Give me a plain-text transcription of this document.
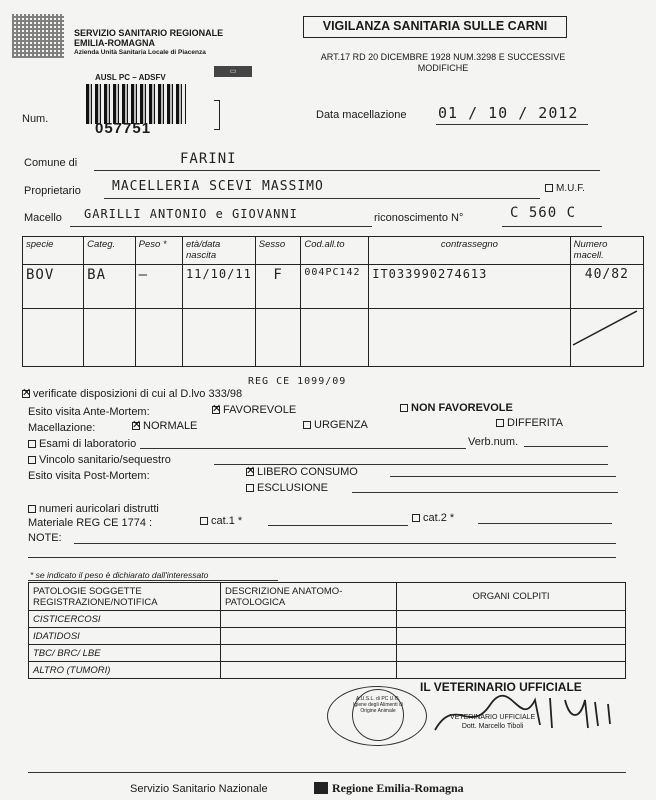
SERVIZIO SANITARIO REGIONALE
EMILIA-ROMAGNA
Azienda Unità Sanitaria Locale di Piacenza
▭
VIGILANZA SANITARIA SULLE CARNI
ART.17 RD 20 DICEMBRE 1928 NUM.3298 E SUCCESSIVE
MODIFICHE
AUSL PC – ADSFV
057751
Num.	Data macellazione 01 / 10 / 2012
Comune di	FARINI
Proprietario MACELLERIA SCEVI MASSIMO	M.U.F.
Macello GARILLI ANTONIO e GIOVANNI	riconoscimento N°	C 560 C
specie	Categ.	Peso *	età/data nascita	Sesso	Cod.all.to	contrassegno	Numero macell.
BOV	BA	—	11/10/11	F	004PC142	IT033990274613	40/82

✕verificate disposizioni di cui al D.lvo 333/98
REG CE 1099/09
Esito visita Ante-Mortem: ✕	FAVOREVOLE	NON FAVOREVOLE
Macellazione: ✕	NORMALE	URGENZA	DIFFERITA
Esami di laboratorio	Verb.num.
Vincolo sanitario/sequestro
Esito visita Post-Mortem: ✕	LIBERO CONSUMO
ESCLUSIONE
numeri auricolari distrutti
Materiale REG CE 1774 :	cat.1 *	cat.2 *
NOTE:
* se indicato il peso è dichiarato dall'interessato
PATOLOGIE SOGGETTE REGISTRAZIONE/NOTIFICA	DESCRIZIONE ANATOMO-PATOLOGICA	ORGANI COLPITI
CISTICERCOSI		
IDATIDOSI		
TBC/ BRC/ LBE		
ALTRO (TUMORI)		
IL VETERINARIO UFFICIALE
A.U.S.L. di PC U.O. Igiene degli Alimenti di Origine Animale
VETERINARIO UFFICIALE
Dott. Marcello Tiboli
Servizio Sanitario Nazionale	Regione Emilia-Romagna
